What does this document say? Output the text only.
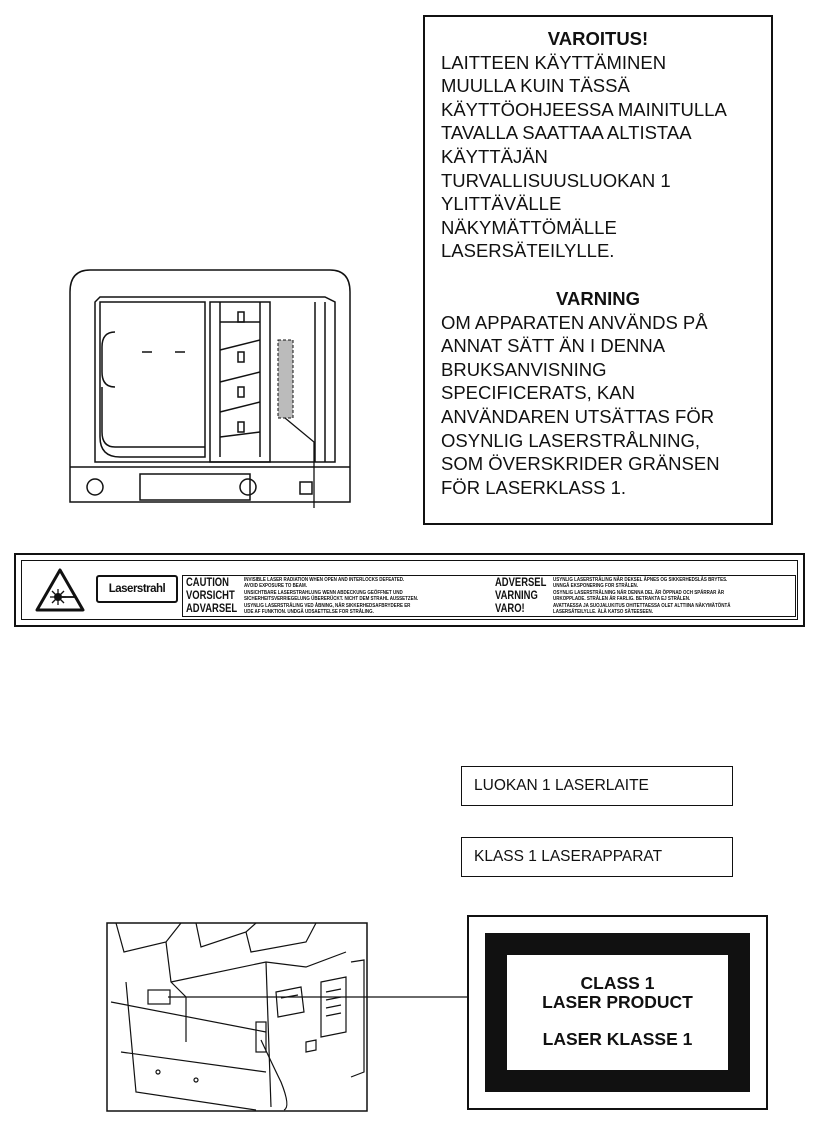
VAROITUS!
LAITTEEN KÄYTTÄMINEN
MUULLA KUIN TÄSSÄ
KÄYTTÖOHJEESSA MAINITULLA
TAVALLA SAATTAA ALTISTAA
KÄYTTÄJÄN
TURVALLISUUSLUOKAN 1
YLITTÄVÄLLE
NÄKYMÄTTÖMÄLLE
LASERSÄTEILYLLE.
VARNING
OM APPARATEN ANVÄNDS PÅ
ANNAT SÄTT ÄN I DENNA
BRUKSANVISNING
SPECIFICERATS, KAN
ANVÄNDAREN UTSÄTTAS FÖR
OSYNLIG LASERSTRÅLNING,
SOM ÖVERSKRIDER GRÄNSEN
FÖR LASERKLASS 1.
Laserstrahl	CAUTION	INVISIBLE LASER RADIATION WHEN OPEN AND INTERLOCKS DEFEATED.
AVOID EXPOSURE TO BEAM.
VORSICHT UNSICHTBARE LASERSTRAHLUNG WENN ABDECKUNG GEÖFFNET UND
SICHERHEITSVERRIEGELUNG ÜBERERÜCKT. NICHT DEM STRAHL AUSSETZEN.
ADVARSEL USYNLIG LASERSTRÅLING VED ÅBNING, NÅR SIKKERHEDSAFBRYDERE ER
UDE AF FUNKTION. UNDGÅ UDSAETTELSE FOR STRÅLING.
ADVERSEL USYNLIG LASERSTRÅLING NÅR DEKSEL ÅPNES OG SIKKERHEDSLÅS BRYTES.
UNNGÅ EKSPONERING FOR STRÅLEN.
VARNING	OSYNLIG LASERSTRÅLNING NÄR DENNA DEL ÄR ÖPPNAD OCH SPÄRRAR ÄR
URKOPPLADE. STRÅLEN ÄR FARLIG. BETRAKTA EJ STRÅLEN.
VARO!	AVATTAESSA JA SUOJALUKITUS OHITETTAESSA OLET ALTTIINA NÄKYMÄTÖNTÄ
LASERSÄTEILYLLE. ÄLÄ KATSO SÄTEESEEN.
LUOKAN 1 LASERLAITE
KLASS 1 LASERAPPARAT
CLASS 1
LASER PRODUCT
LASER KLASSE 1
